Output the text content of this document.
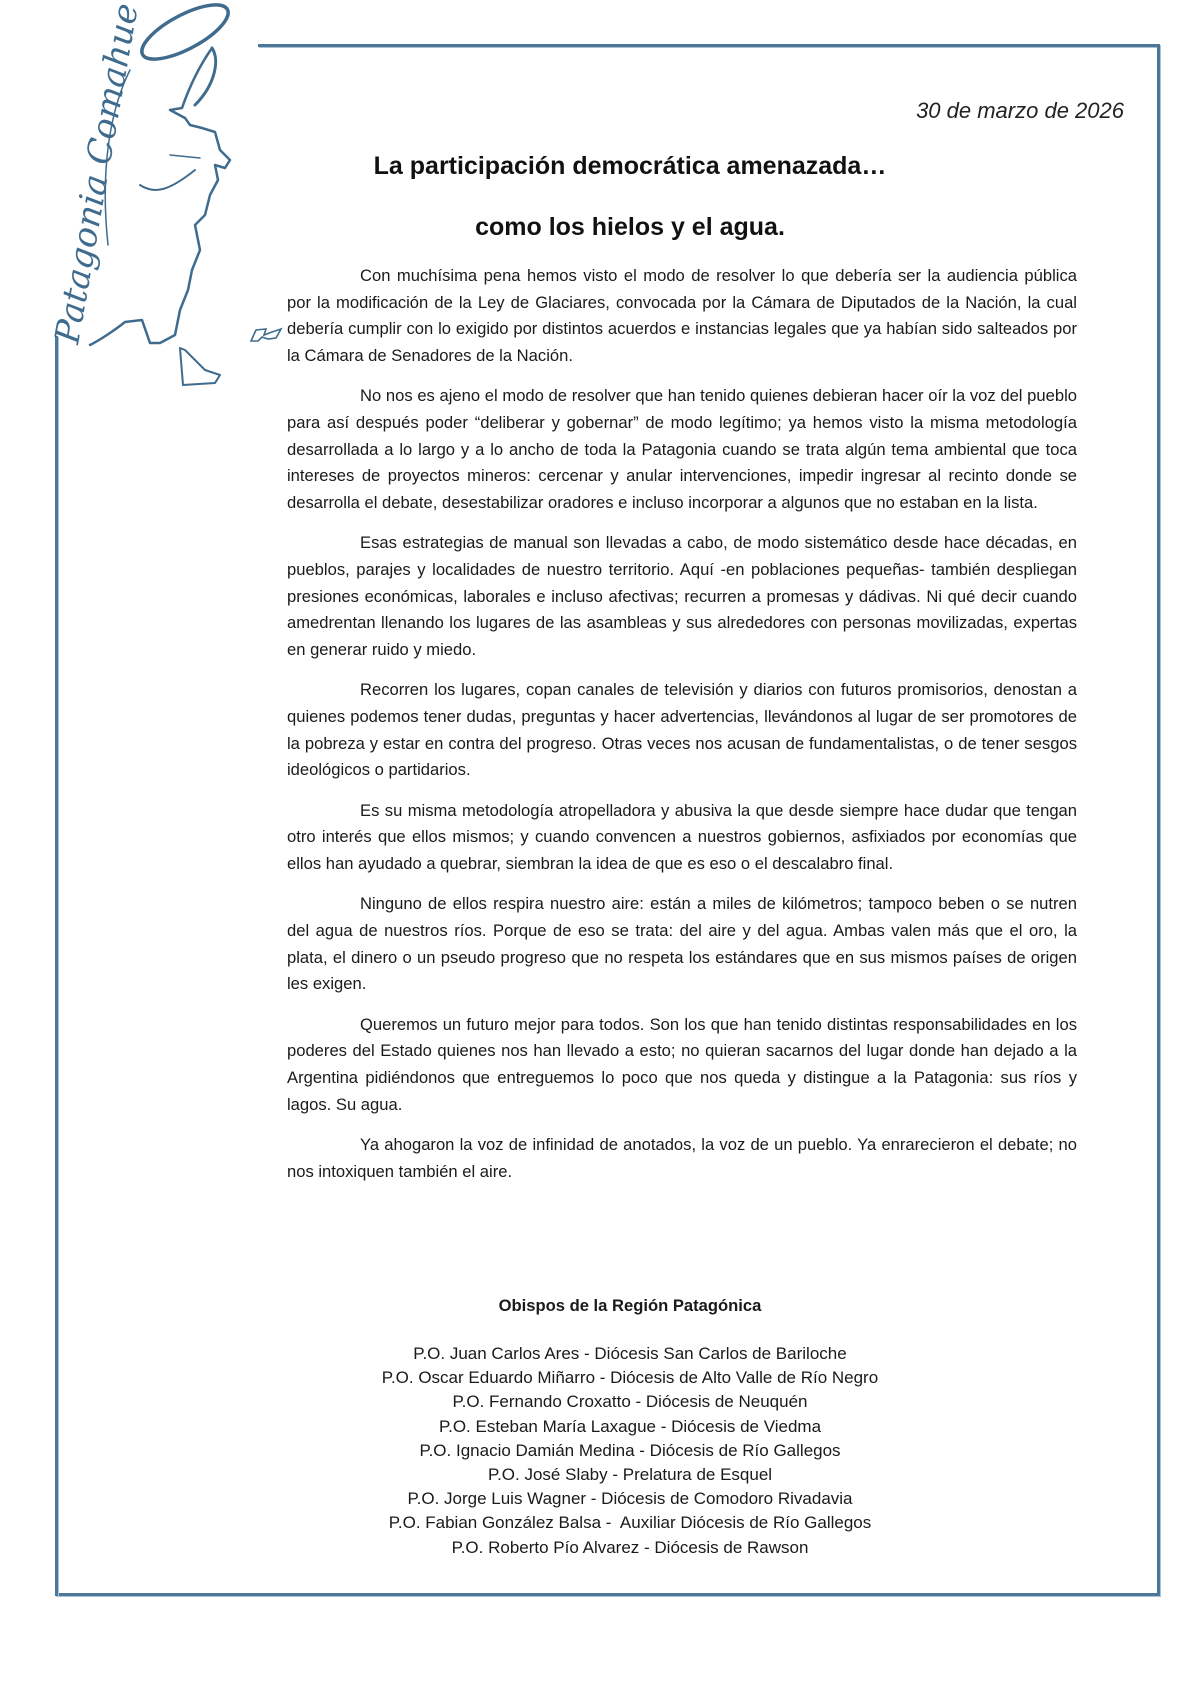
Patagonia Comahue	30 de marzo de 2026
La participación democrática amenazada…
como los hielos y el agua.

Con muchísima pena hemos visto el modo de resolver lo que debería ser la audiencia pública por la modificación de la Ley de Glaciares, convocada por la Cámara de Diputados de la Nación, la cual debería cumplir con lo exigido por distintos acuerdos e instancias legales que ya habían sido salteados por la Cámara de Senadores de la Nación.

No nos es ajeno el modo de resolver que han tenido quienes debieran hacer oír la voz del pueblo para así después poder “deliberar y gobernar” de modo legítimo; ya hemos visto la misma metodología desarrollada a lo largo y a lo ancho de toda la Patagonia cuando se trata algún tema ambiental que toca intereses de proyectos mineros: cercenar y anular intervenciones, impedir ingresar al recinto donde se desarrolla el debate, desestabilizar oradores e incluso incorporar a algunos que no estaban en la lista.

Esas estrategias de manual son llevadas a cabo, de modo sistemático desde hace décadas, en pueblos, parajes y localidades de nuestro territorio. Aquí -en poblaciones pequeñas- también despliegan presiones económicas, laborales e incluso afectivas; recurren a promesas y dádivas. Ni qué decir cuando amedrentan llenando los lugares de las asambleas y sus alrededores con personas movilizadas, expertas en generar ruido y miedo.

Recorren los lugares, copan canales de televisión y diarios con futuros promisorios, denostan a quienes podemos tener dudas, preguntas y hacer advertencias, llevándonos al lugar de ser promotores de la pobreza y estar en contra del progreso. Otras veces nos acusan de fundamentalistas, o de tener sesgos ideológicos o partidarios.

Es su misma metodología atropelladora y abusiva la que desde siempre hace dudar que tengan otro interés que ellos mismos; y cuando convencen a nuestros gobiernos, asfixiados por economías que ellos han ayudado a quebrar, siembran la idea de que es eso o el descalabro final.

Ninguno de ellos respira nuestro aire: están a miles de kilómetros; tampoco beben o se nutren del agua de nuestros ríos. Porque de eso se trata: del aire y del agua. Ambas valen más que el oro, la plata, el dinero o un pseudo progreso que no respeta los estándares que en sus mismos países de origen les exigen.

Queremos un futuro mejor para todos. Son los que han tenido distintas responsabilidades en los poderes del Estado quienes nos han llevado a esto; no quieran sacarnos del lugar donde han dejado a la Argentina pidiéndonos que entreguemos lo poco que nos queda y distingue a la Patagonia: sus ríos y lagos. Su agua.

Ya ahogaron la voz de infinidad de anotados, la voz de un pueblo. Ya enrarecieron el debate; no nos intoxiquen también el aire.

Obispos de la Región Patagónica
P.O. Juan Carlos Ares - Diócesis San Carlos de Bariloche
P.O. Oscar Eduardo Miñarro - Diócesis de Alto Valle de Río Negro
P.O. Fernando Croxatto - Diócesis de Neuquén
P.O. Esteban María Laxague - Diócesis de Viedma
P.O. Ignacio Damián Medina - Diócesis de Río Gallegos
P.O. José Slaby - Prelatura de Esquel
P.O. Jorge Luis Wagner - Diócesis de Comodoro Rivadavia
P.O. Fabian González Balsa -  Auxiliar Diócesis de Río Gallegos
P.O. Roberto Pío Alvarez - Diócesis de Rawson
